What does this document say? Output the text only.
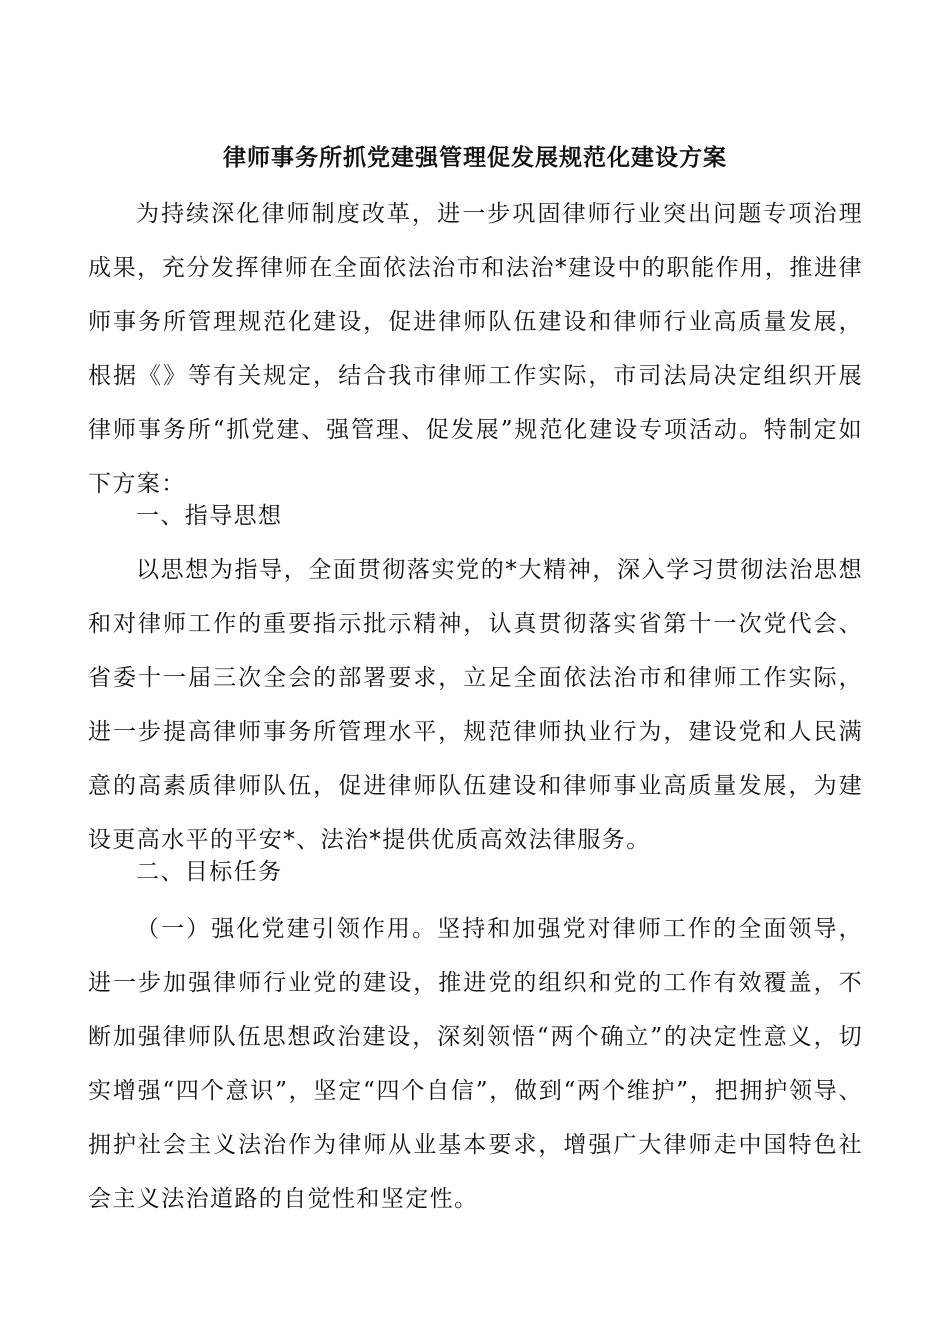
律师事务所抓党建强管理促发展规范化建设方案

为持续深化律师制度改革，进一步巩固律师行业突出问题专项治理成果，充分发挥律师在全面依法治市和法治*建设中的职能作用，推进律师事务所管理规范化建设，促进律师队伍建设和律师行业高质量发展，根据《》等有关规定，结合我市律师工作实际，市司法局决定组织开展律师事务所“抓党建、强管理、促发展”规范化建设专项活动。特制定如下方案：

一、指导思想

以思想为指导，全面贯彻落实党的*大精神，深入学习贯彻法治思想和对律师工作的重要指示批示精神，认真贯彻落实省第十一次党代会、省委十一届三次全会的部署要求，立足全面依法治市和律师工作实际，进一步提高律师事务所管理水平，规范律师执业行为，建设党和人民满意的高素质律师队伍，促进律师队伍建设和律师事业高质量发展，为建设更高水平的平安*、法治*提供优质高效法律服务。

二、目标任务

（一）强化党建引领作用。坚持和加强党对律师工作的全面领导，进一步加强律师行业党的建设，推进党的组织和党的工作有效覆盖，不断加强律师队伍思想政治建设，深刻领悟“两个确立”的决定性意义，切实增强“四个意识”，坚定“四个自信”，做到“两个维护”，把拥护领导、拥护社会主义法治作为律师从业基本要求，增强广大律师走中国特色社会主义法治道路的自觉性和坚定性。
